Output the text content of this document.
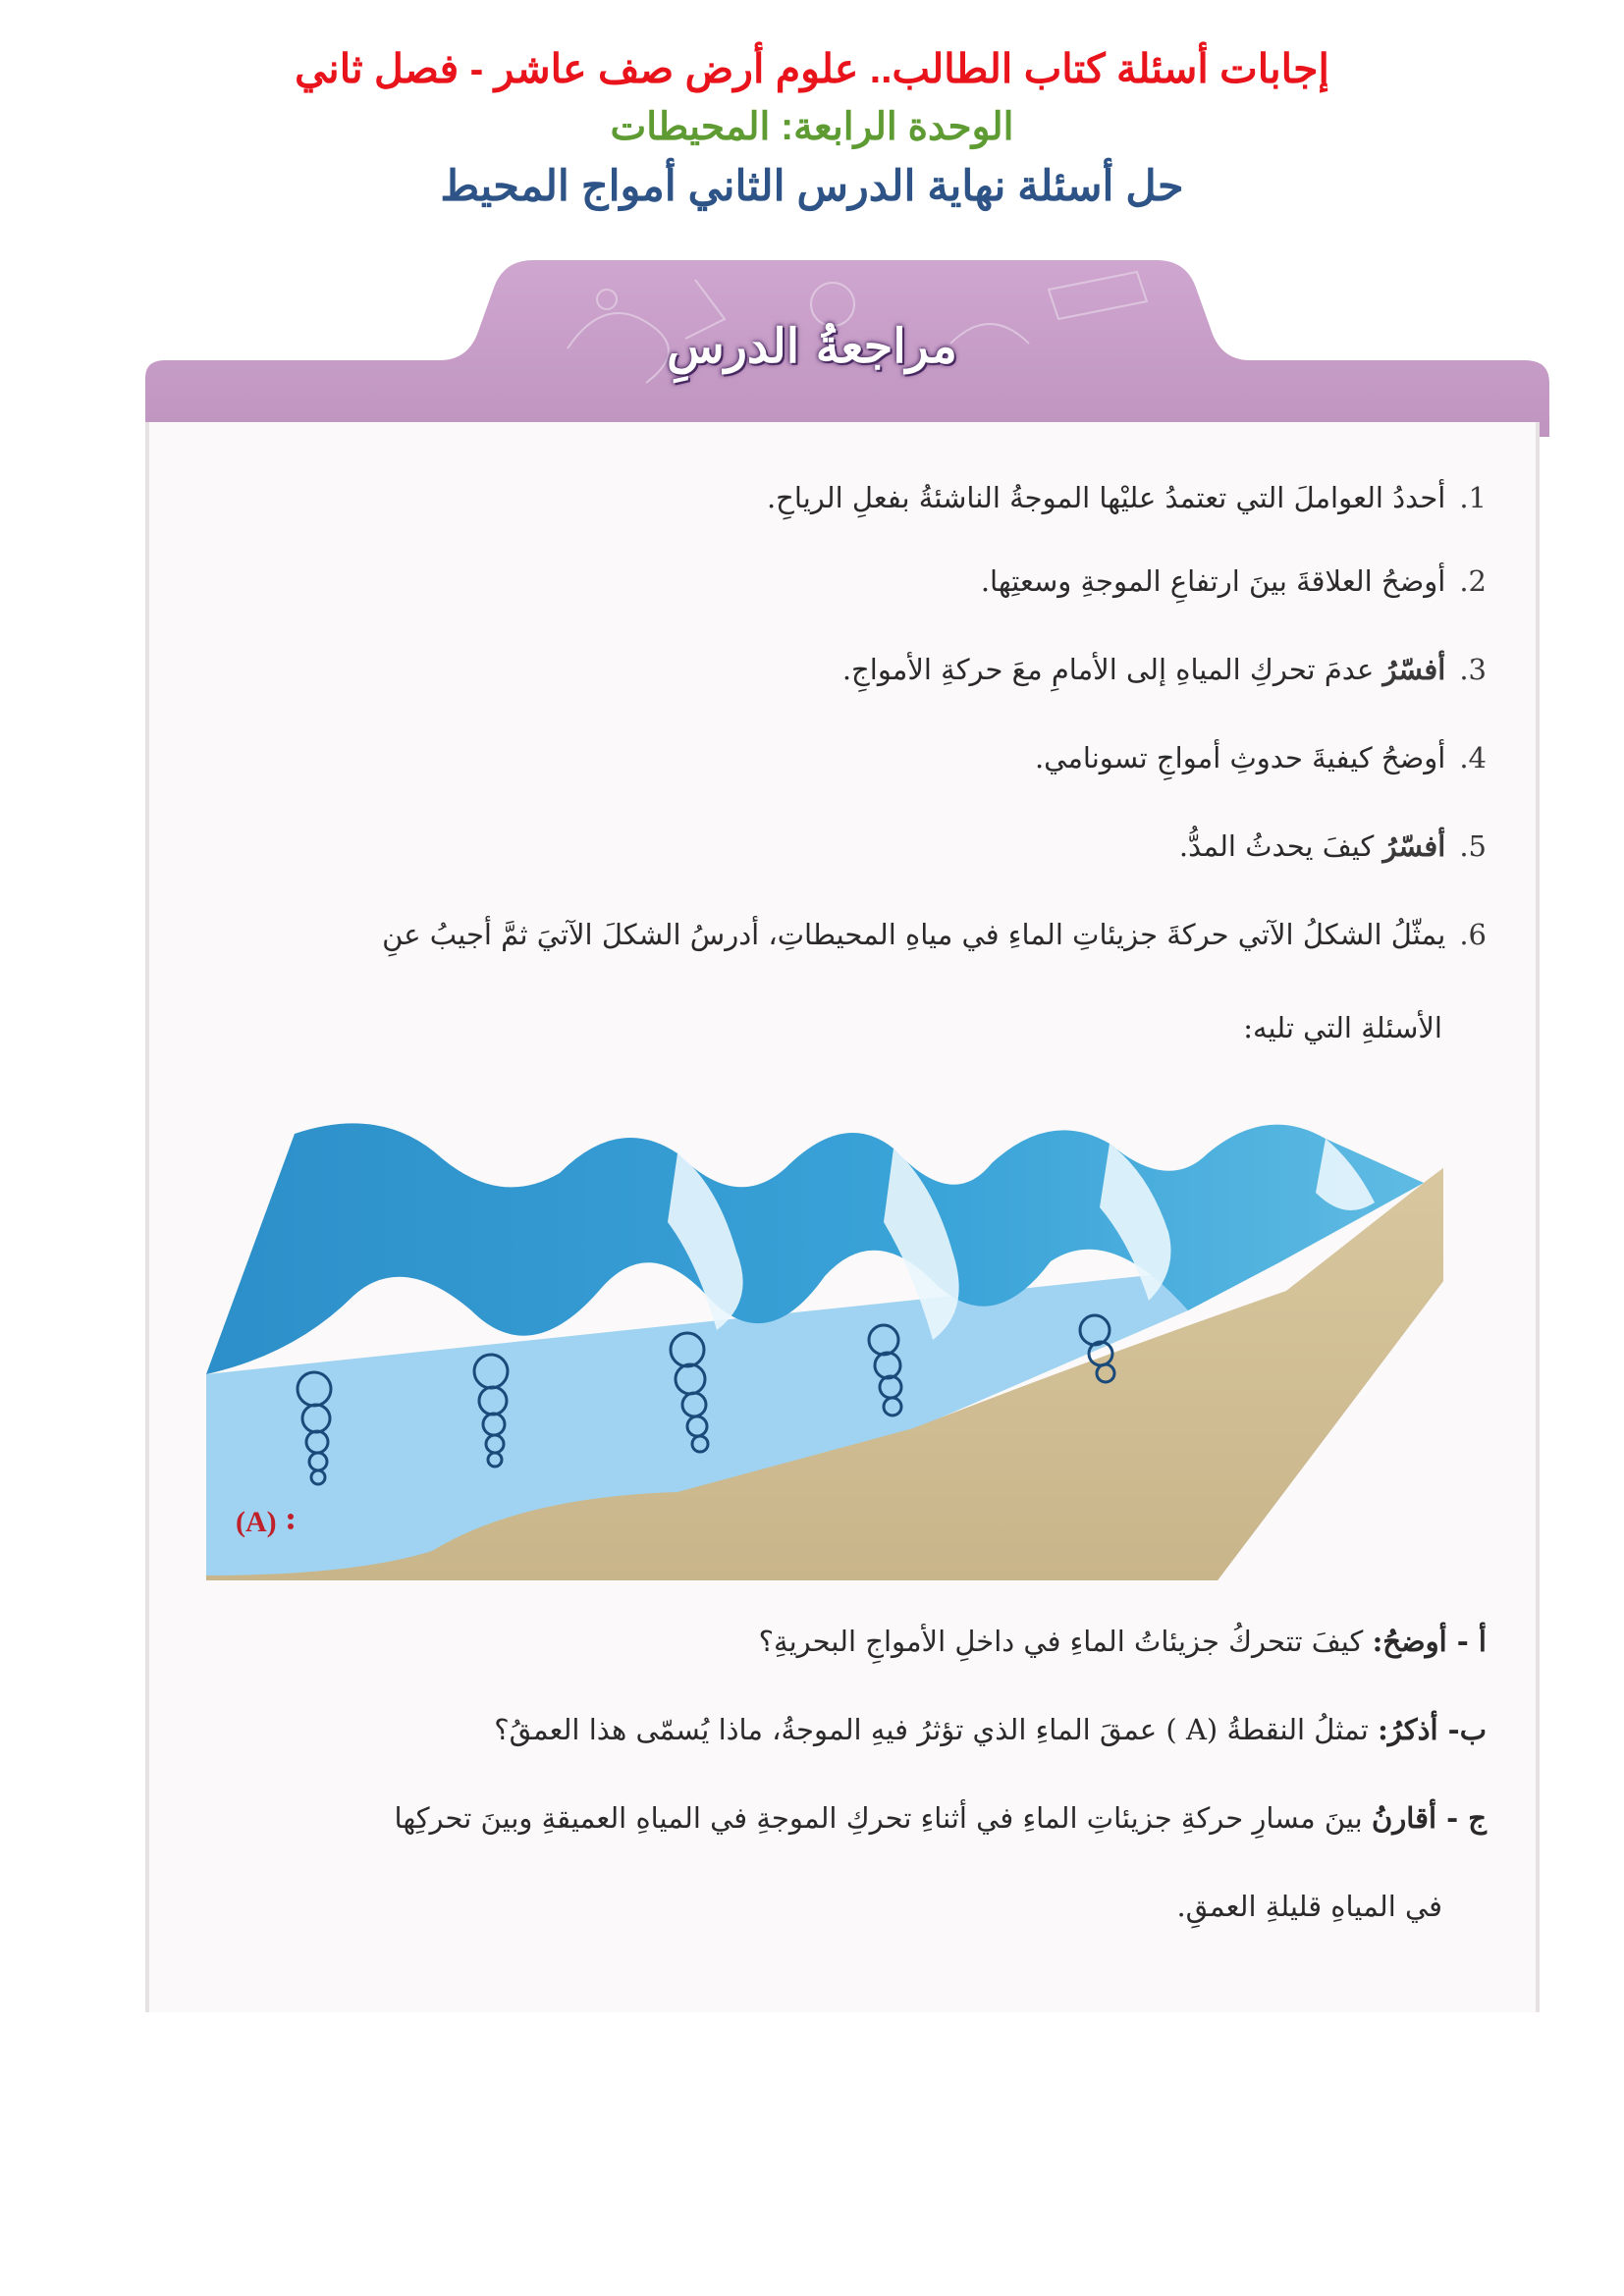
إجابات أسئلة كتاب الطالب.. علوم أرض صف عاشر - فصل ثاني

الوحدة الرابعة: المحيطات

حل أسئلة نهاية الدرس الثاني أمواج المحيط

مراجعةُ الدرسِ
1.أحددُ العواملَ التي تعتمدُ عليْها الموجةُ الناشئةُ بفعلِ الرياحِ.
2.أوضحُ العلاقةَ بينَ ارتفاعِ الموجةِ وسعتِها.
3.أفسّرُ عدمَ تحركِ المياهِ إلى الأمامِ معَ حركةِ الأمواجِ.
4.أوضحُ كيفيةَ حدوثِ أمواجِ تسونامي.
5.أفسّرُ كيفَ يحدثُ المدُّ.
6.يمثّلُ الشكلُ الآتي حركةَ جزيئاتِ الماءِ في مياهِ المحيطاتِ، أدرسُ الشكلَ الآتيَ ثمَّ أجيبُ عنِ
الأسئلةِ التي تليه:
(A)
أ - أوضحُ: كيفَ تتحركُ جزيئاتُ الماءِ في داخلِ الأمواجِ البحريةِ؟
ب- أذكرُ: تمثلُ النقطةُ (A ) عمقَ الماءِ الذي تؤثرُ فيهِ الموجةُ، ماذا يُسمّى هذا العمقُ؟
ج - أقارنُ بينَ مسارِ حركةِ جزيئاتِ الماءِ في أثناءِ تحركِ الموجةِ في المياهِ العميقةِ وبينَ تحركِها
في المياهِ قليلةِ العمقِ.
